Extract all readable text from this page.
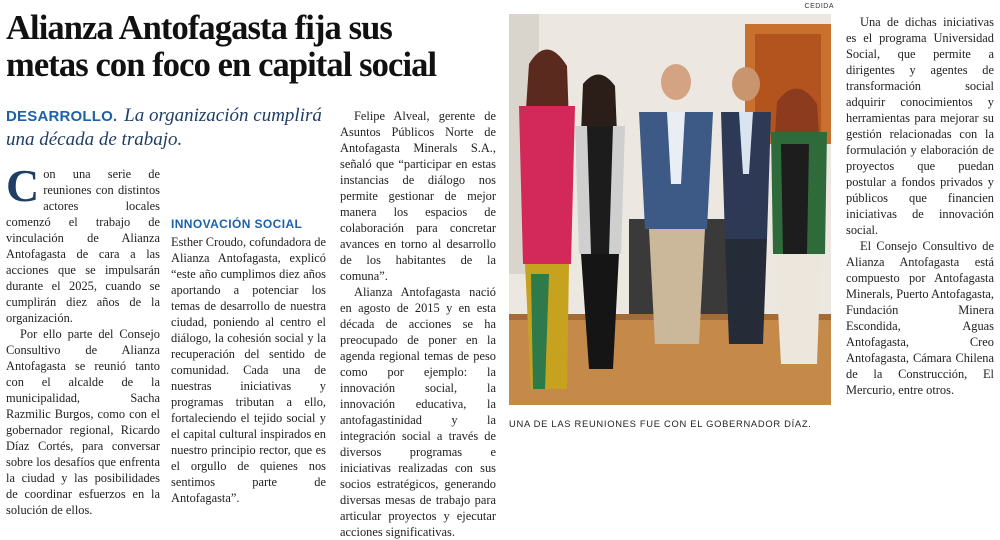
Alianza Antofagasta fija sus
metas con foco en capital social
DESARROLLO. La organización cumplirá una década de trabajo.

Con una serie de reuniones con distintos actores locales comenzó el trabajo de vinculación de Alianza Antofagasta de cara a las acciones que se impulsarán durante el 2025, cuando se cumplirán diez años de la organización.

Por ello parte del Consejo Consultivo de Alianza Antofagasta se reunió tanto con el alcalde de la municipalidad, Sacha Razmilic Burgos, como con el gobernador regional, Ricardo Díaz Cortés, para conversar sobre los desafíos que enfrenta la ciudad y las posibilidades de coordinar esfuerzos en la solución de ellos.

INNOVACIÓN SOCIAL

Esther Croudo, cofundadora de Alianza Antofagasta, explicó “este año cumplimos diez años aportando a potenciar los temas de desarrollo de nuestra ciudad, poniendo al centro el diálogo, la cohesión social y la recuperación del sentido de comunidad. Cada una de nuestras iniciativas y programas tributan a ello, fortaleciendo el tejido social y el capital cultural inspirados en nuestro principio rector, que es el orgullo de quienes nos sentimos parte de Antofagasta”.

Felipe Alveal, gerente de Asuntos Públicos Norte de Antofagasta Minerals S.A., señaló que “participar en estas instancias de diálogo nos permite gestionar de mejor manera los espacios de colaboración para concretar avances en torno al desarrollo de los habitantes de la comuna”.

Alianza Antofagasta nació en agosto de 2015 y en esta década de acciones se ha preocupado de poner en la agenda regional temas de peso como por ejemplo: la innovación social, la innovación educativa, la antofagastinidad y la integración social a través de diversos programas e iniciativas realizadas con sus socios estratégicos, generando diversas mesas de trabajo para articular proyectos y ejecutar acciones significativas.

Una de dichas iniciativas es el programa Universidad Social, que permite a dirigentes y agentes de transformación social adquirir conocimientos y herramientas para mejorar su gestión relacionadas con la formulación y elaboración de proyectos que puedan postular a fondos privados y públicos que financien iniciativas de innovación social.

El Consejo Consultivo de Alianza Antofagasta está compuesto por Antofagasta Minerals, Puerto Antofagasta, Fundación Minera Escondida, Aguas Antofagasta, Creo Antofagasta, Cámara Chilena de la Construcción, El Mercurio, entre otros.

CEDIDA
UNA DE LAS REUNIONES FUE CON EL GOBERNADOR DÍAZ.
